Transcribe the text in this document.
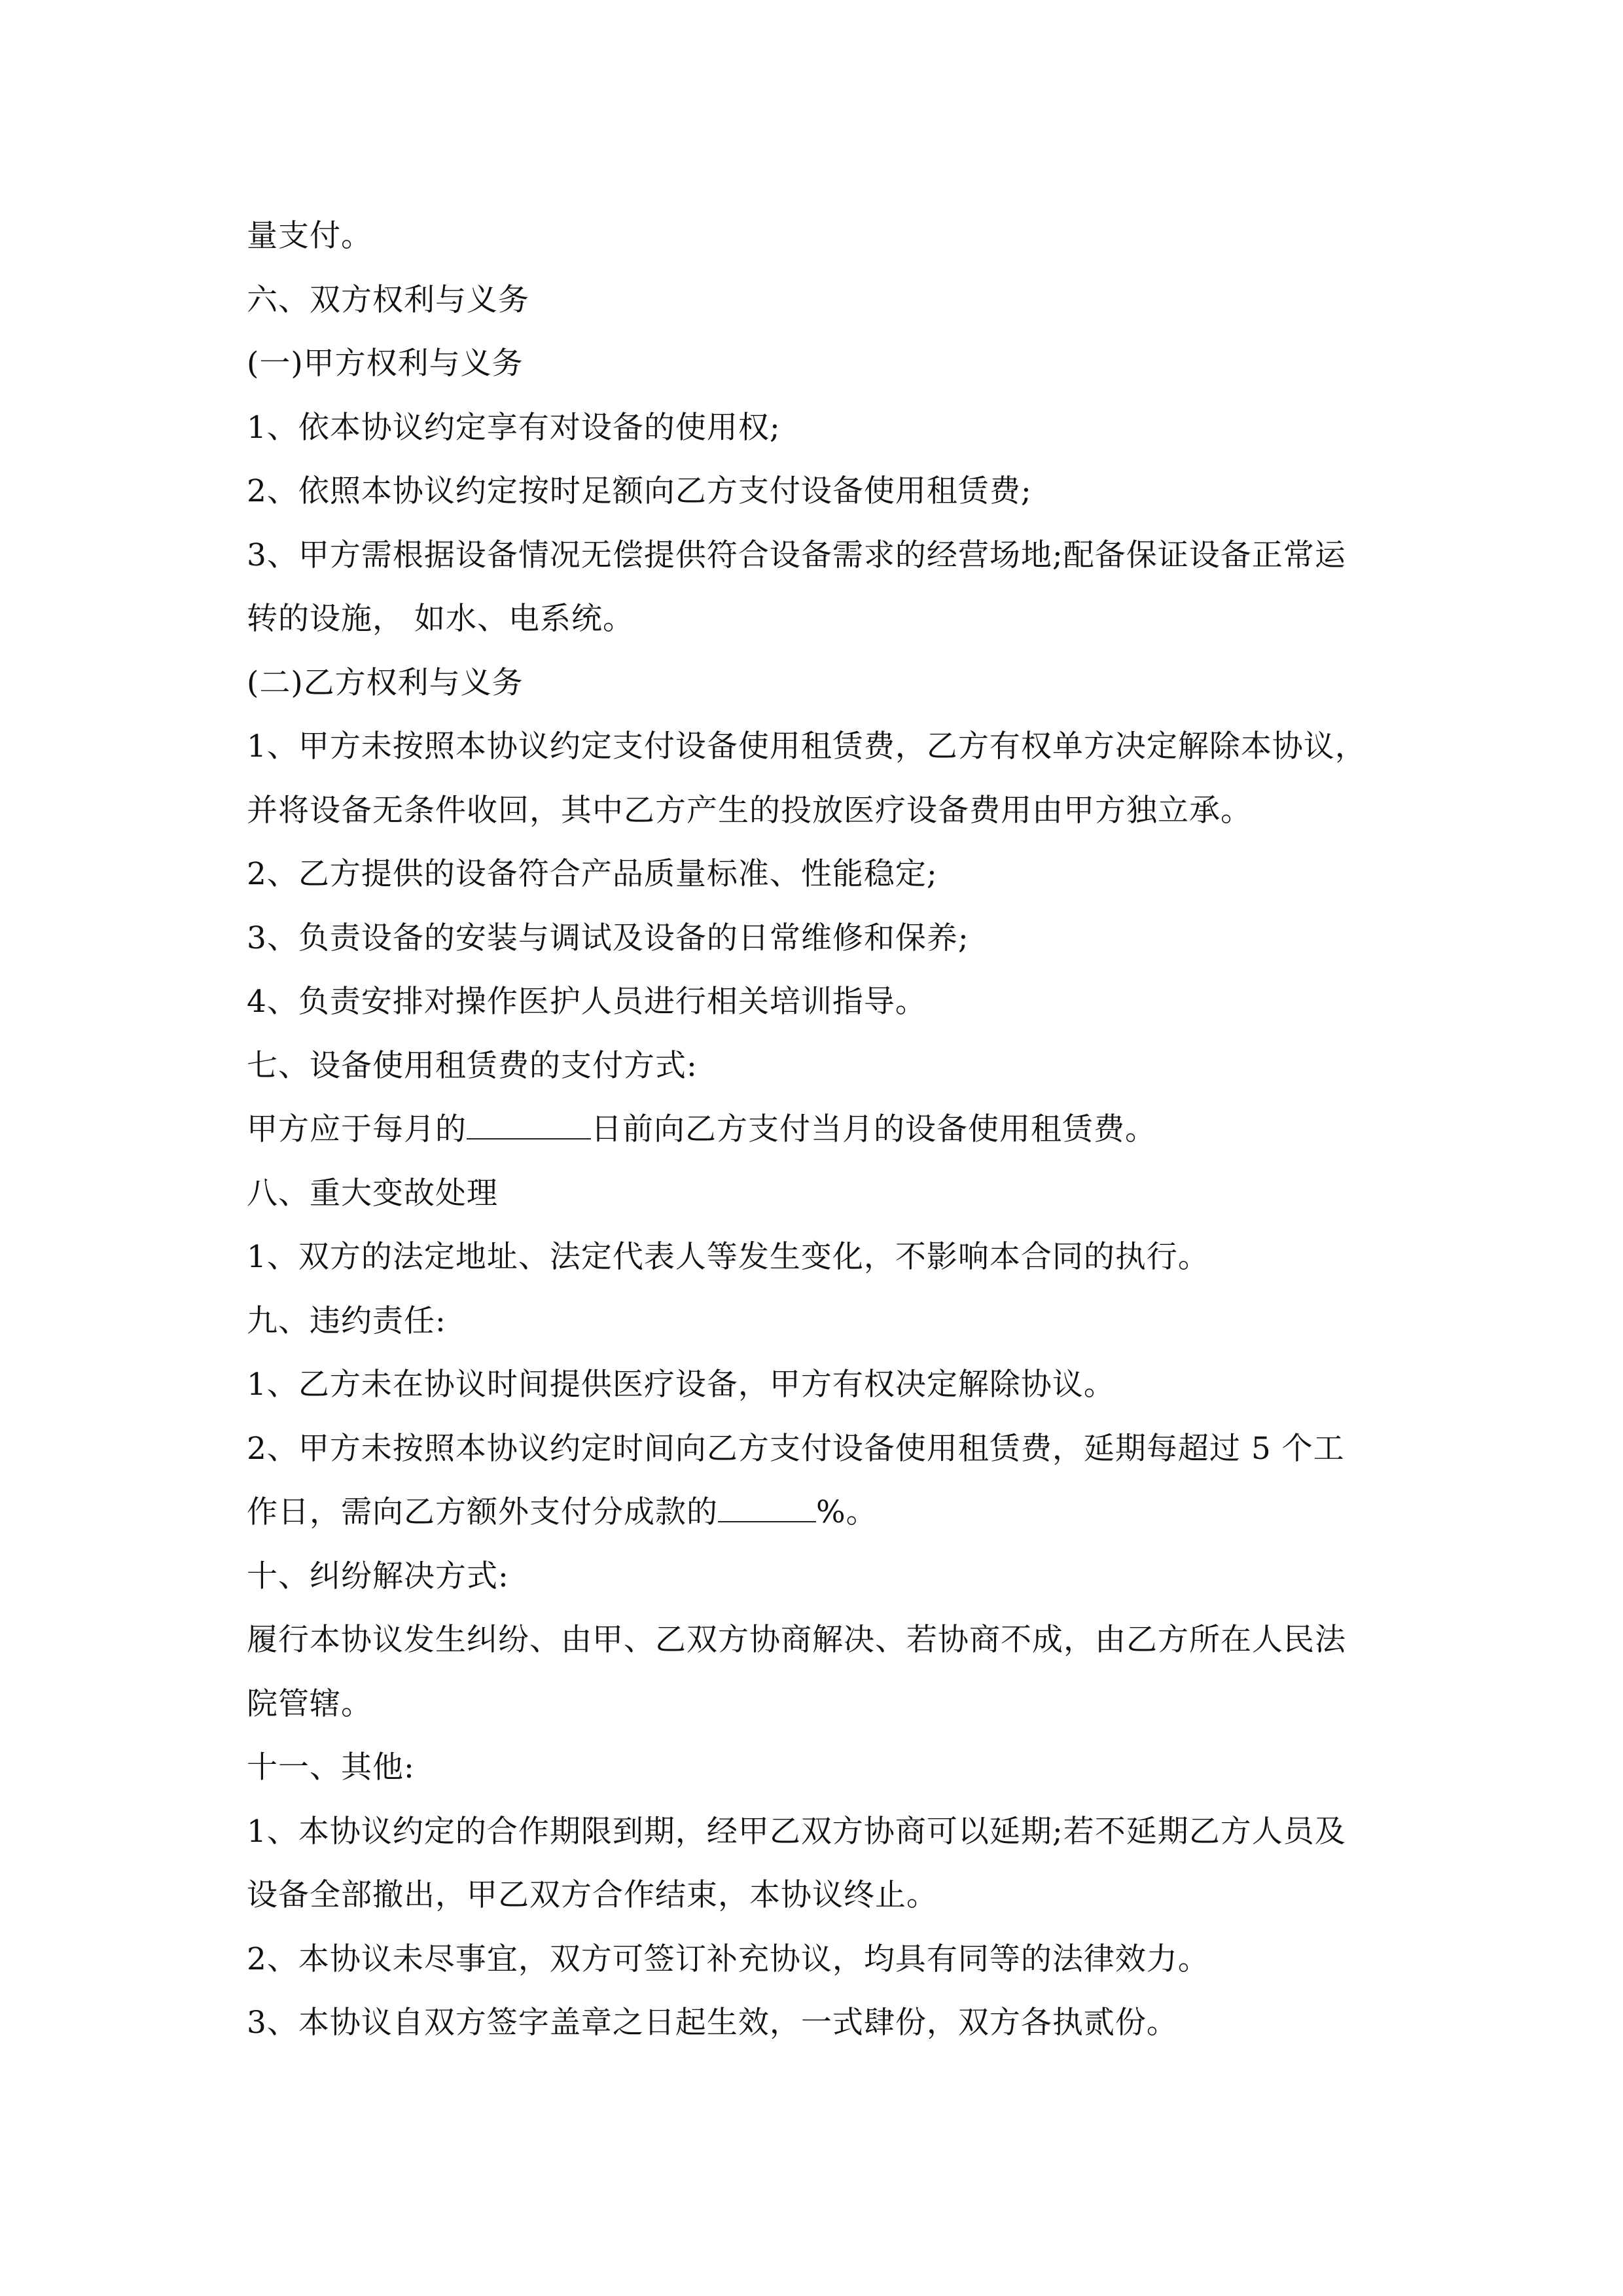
量支付。
六、双方权利与义务
(一)甲方权利与义务
1、依本协议约定享有对设备的使用权;
2、依照本协议约定按时足额向乙方支付设备使用租赁费;
3、甲方需根据设备情况无偿提供符合设备需求的经营场地;配备保证设备正常运
转的设施， 如水、电系统。
(二)乙方权利与义务
1、甲方未按照本协议约定支付设备使用租赁费，乙方有权单方决定解除本协议，
并将设备无条件收回，其中乙方产生的投放医疗设备费用由甲方独立承。
2、乙方提供的设备符合产品质量标准、性能稳定;
3、负责设备的安装与调试及设备的日常维修和保养;
4、负责安排对操作医护人员进行相关培训指导。
七、设备使用租赁费的支付方式:
甲方应于每月的	日前向乙方支付当月的设备使用租赁费。
八、重大变故处理
1、双方的法定地址、法定代表人等发生变化，不影响本合同的执行。
九、违约责任:
1、乙方未在协议时间提供医疗设备，甲方有权决定解除协议。
2、甲方未按照本协议约定时间向乙方支付设备使用租赁费，延期每超过 5 个工
作日，需向乙方额外支付分成款的	%。
十、纠纷解决方式:
履行本协议发生纠纷、由甲、乙双方协商解决、若协商不成，由乙方所在人民法
院管辖。
十一、其他:
1、本协议约定的合作期限到期，经甲乙双方协商可以延期;若不延期乙方人员及
设备全部撤出，甲乙双方合作结束，本协议终止。
2、本协议未尽事宜，双方可签订补充协议，均具有同等的法律效力。
3、本协议自双方签字盖章之日起生效，一式肆份，双方各执贰份。
